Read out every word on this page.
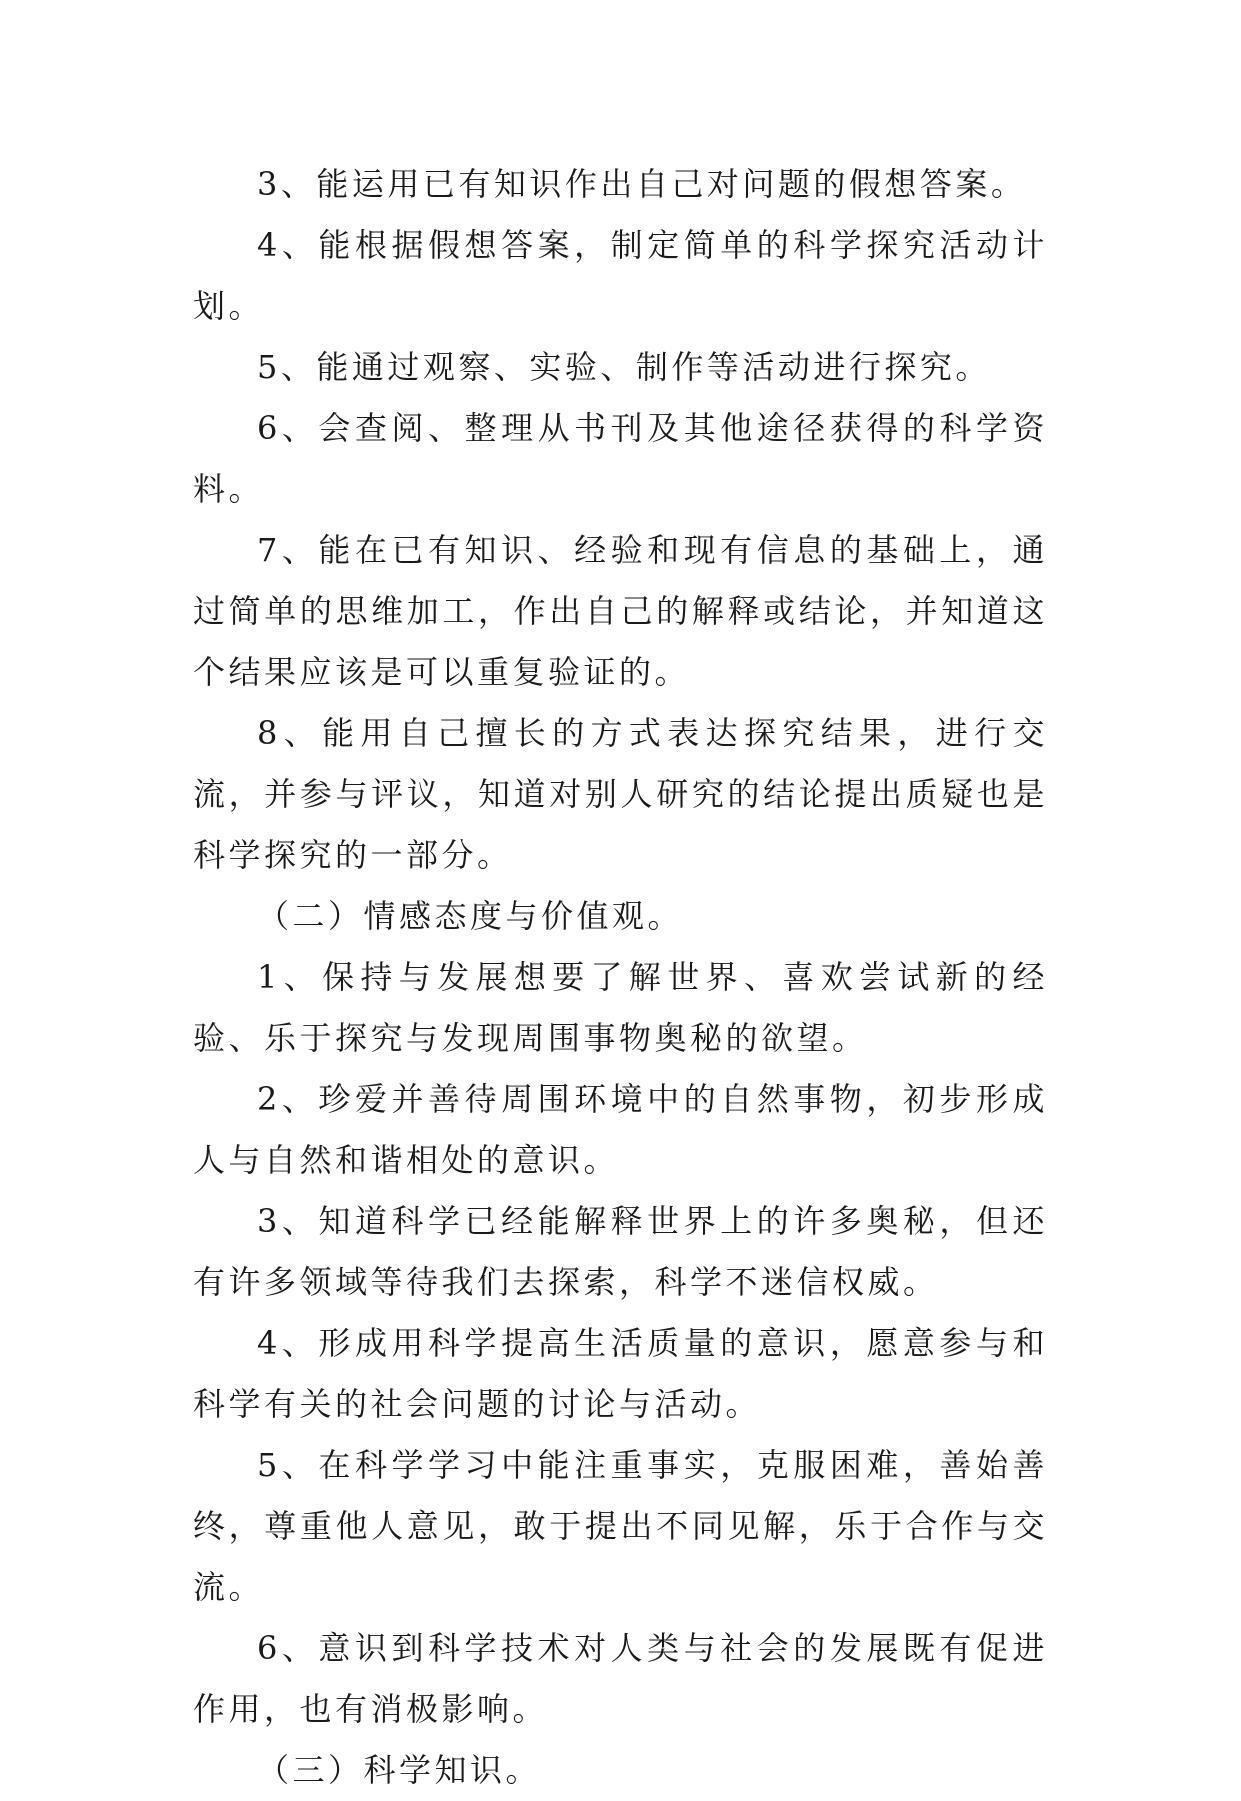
3、能运用已有知识作出自己对问题的假想答案。

4、能根据假想答案，制定简单的科学探究活动计划。

5、能通过观察、实验、制作等活动进行探究。

6、会查阅、整理从书刊及其他途径获得的科学资料。

7、能在已有知识、经验和现有信息的基础上，通过简单的思维加工，作出自己的解释或结论，并知道这个结果应该是可以重复验证的。

8、能用自己擅长的方式表达探究结果，进行交流，并参与评议，知道对别人研究的结论提出质疑也是科学探究的一部分。

（二）情感态度与价值观。

1、保持与发展想要了解世界、喜欢尝试新的经验、乐于探究与发现周围事物奥秘的欲望。

2、珍爱并善待周围环境中的自然事物，初步形成人与自然和谐相处的意识。

3、知道科学已经能解释世界上的许多奥秘，但还有许多领域等待我们去探索，科学不迷信权威。

4、形成用科学提高生活质量的意识，愿意参与和科学有关的社会问题的讨论与活动。

5、在科学学习中能注重事实，克服困难，善始善终，尊重他人意见，敢于提出不同见解，乐于合作与交流。

6、意识到科学技术对人类与社会的发展既有促进作用，也有消极影响。

（三）科学知识。
